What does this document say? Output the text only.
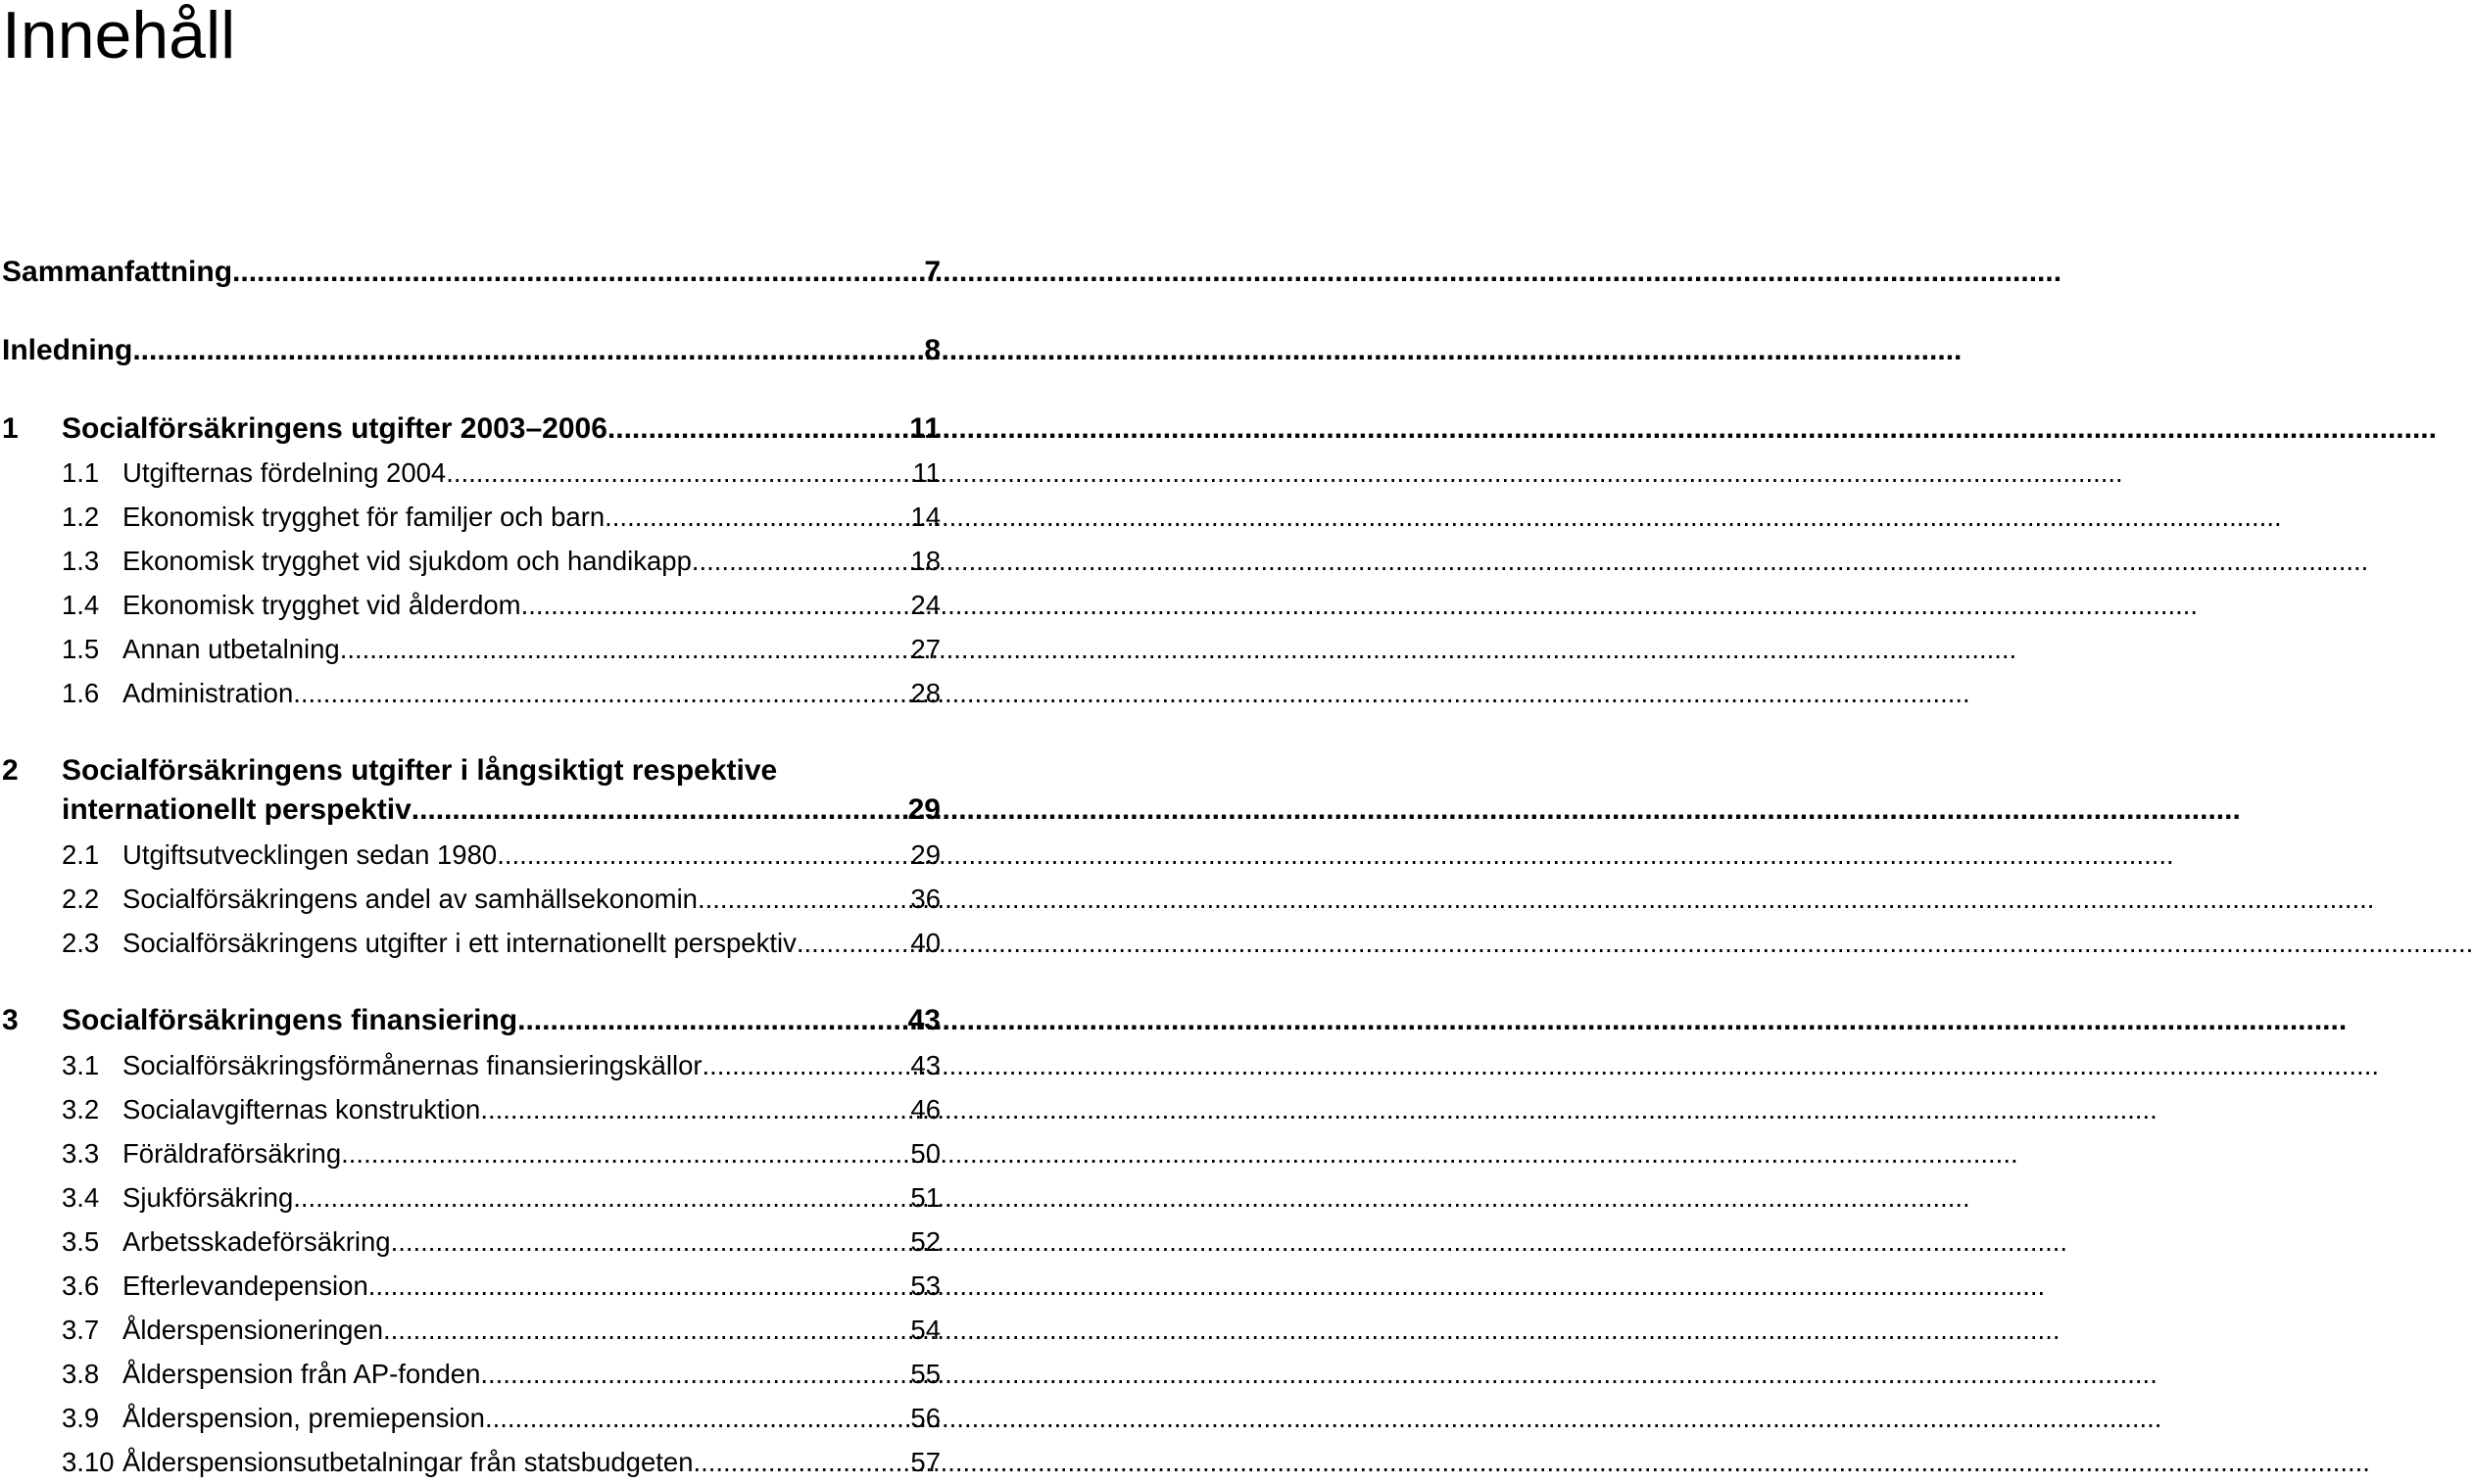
Innehåll
Sammanfattning .....	7
Inledning .....	8
1 Socialförsäkringens utgifter 2003–2006 .....	11
1.1 Utgifternas fördelning 2004 .....	11
1.2 Ekonomisk trygghet för familjer och barn .....	14
1.3 Ekonomisk trygghet vid sjukdom och handikapp .....	18
1.4 Ekonomisk trygghet vid ålderdom .....	24
1.5 Annan utbetalning .....	27
1.6 Administration .....	28
2 Socialförsäkringens utgifter i långsiktigt respektive
internationellt perspektiv .....	29
2.1 Utgiftsutvecklingen sedan 1980 .....	29
2.2 Socialförsäkringens andel av samhällsekonomin .....	36
2.3 Socialförsäkringens utgifter i ett internationellt perspektiv .....	40
3 Socialförsäkringens finansiering .....	43
3.1 Socialförsäkringsförmånernas finansieringskällor .....	43
3.2 Socialavgifternas konstruktion .....	46
3.3 Föräldraförsäkring .....	50
3.4 Sjukförsäkring .....	51
3.5 Arbetsskadeförsäkring .....	52
3.6 Efterlevandepension .....	53
3.7 Ålderspensioneringen .....	54
3.8 Ålderspension från AP-fonden .....	55
3.9 Ålderspension, premiepension .....	56
3.10 Ålderspensionsutbetalningar från statsbudgeten .....	57
